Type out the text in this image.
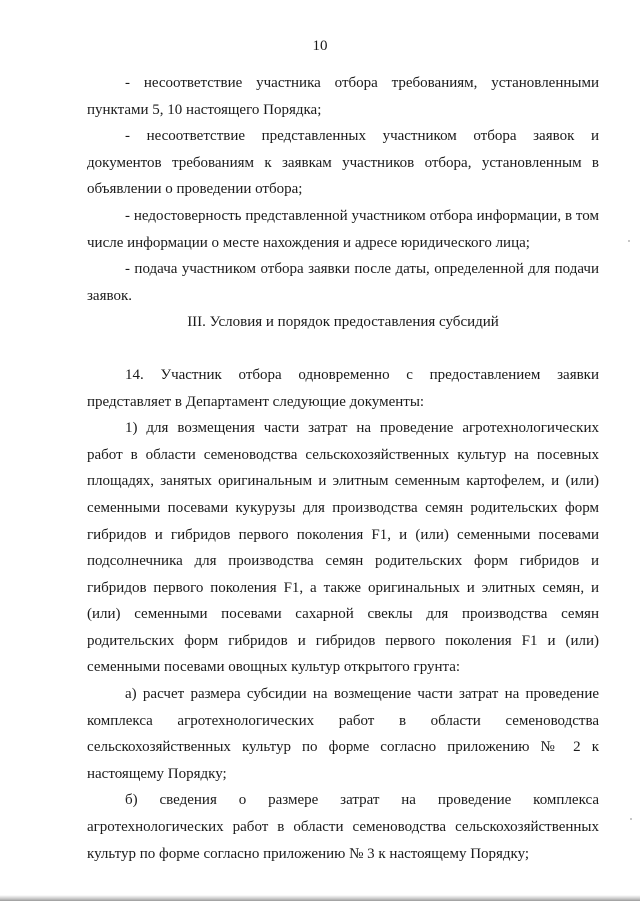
10

- несоответствие участника отбора требованиям, установленными пунктами 5, 10 настоящего Порядка;

- несоответствие представленных участником отбора заявок и документов требованиям к заявкам участников отбора, установленным в объявлении о проведении отбора;

- недостоверность представленной участником отбора информации, в том числе информации о месте нахождения и адресе юридического лица;

- подача участником отбора заявки после даты, определенной для подачи заявок.

III. Условия и порядок предоставления субсидий

14. Участник отбора одновременно с предоставлением заявки представляет в Департамент следующие документы:

1) для возмещения части затрат на проведение агротехнологических работ в области семеноводства сельскохозяйственных культур на посевных площадях, занятых оригинальным и элитным семенным картофелем, и (или) семенными посевами кукурузы для производства семян родительских форм гибридов и гибридов первого поколения F1, и (или) семенными посевами подсолнечника для производства семян родительских форм гибридов и гибридов первого поколения F1, а также оригинальных и элитных семян, и (или) семенными посевами сахарной свеклы для производства семян родительских форм гибридов и гибридов первого поколения F1 и (или) семенными посевами овощных культур открытого грунта:

а) расчет размера субсидии на возмещение части затрат на проведение комплекса агротехнологических работ в области семеноводства сельскохозяйственных культур по форме согласно приложению № 2 к настоящему Порядку;

б) сведения о размере затрат на проведение комплекса агротехнологических работ в области семеноводства сельскохозяйственных культур по форме согласно приложению № 3 к настоящему Порядку;
